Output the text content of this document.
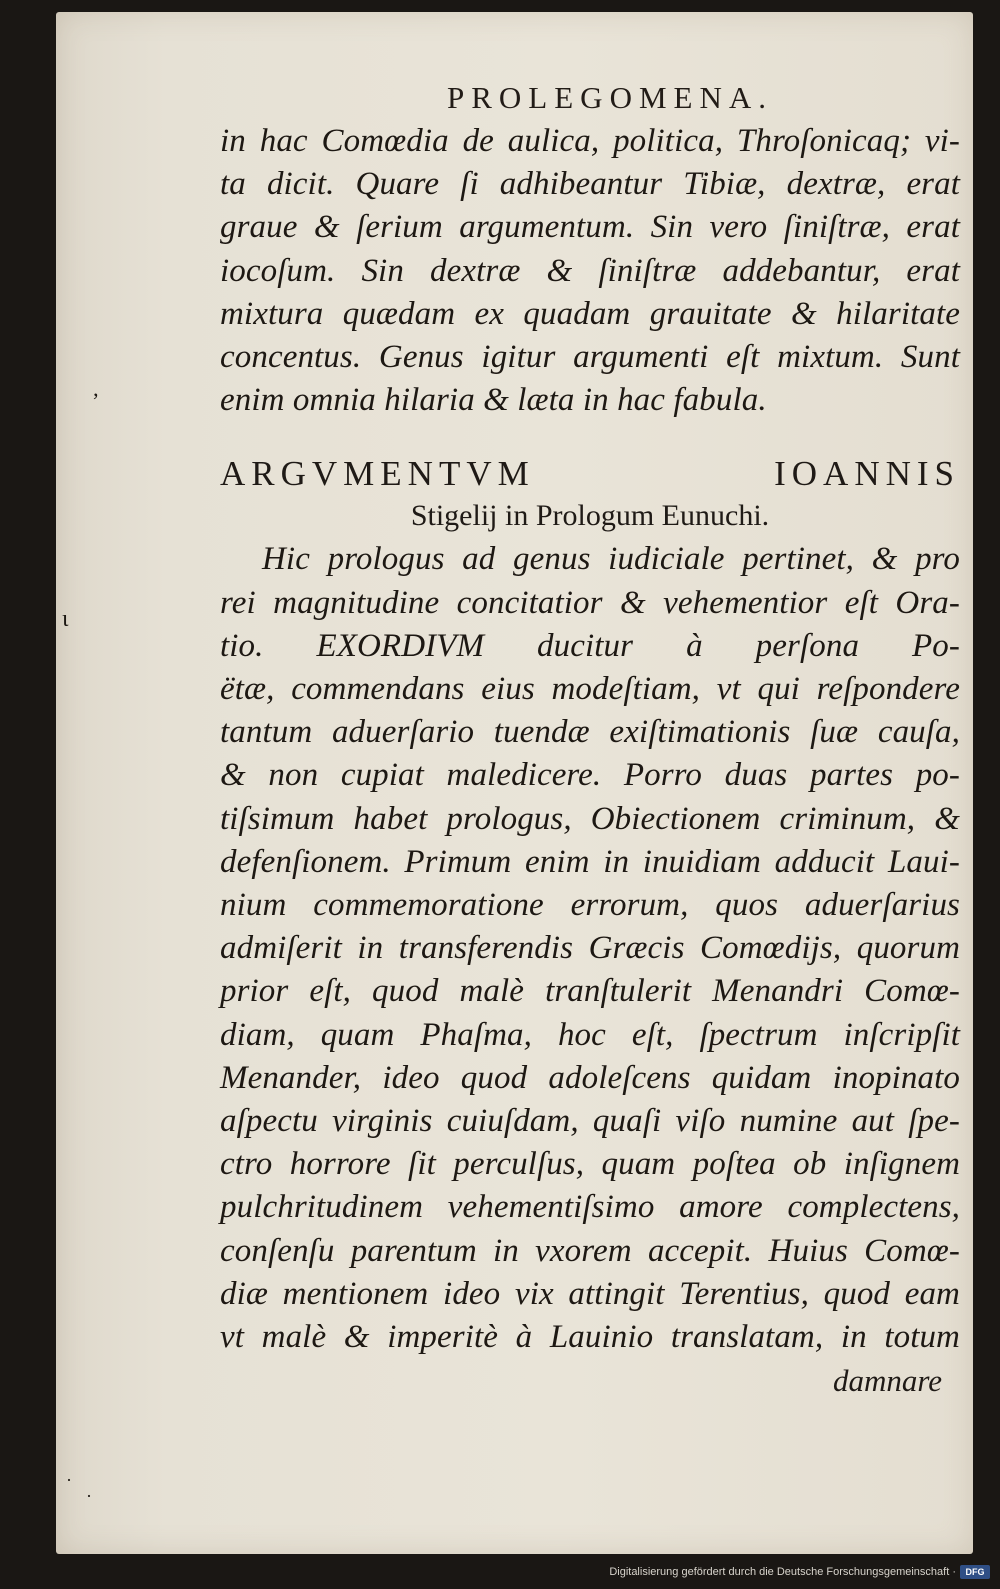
‚
ɩ
·
·
PROLEGOMENA.
in hac Comœdia de aulica, politica, Throſonicaq; vi-
ta dicit. Quare ſi adhibeantur Tibiæ, dextræ, erat
graue & ſerium argumentum. Sin vero ſiniſtræ, erat
iocoſum. Sin dextræ & ſiniſtræ addebantur, erat
mixtura quædam ex quadam grauitate & hilaritate
concentus. Genus igitur argumenti eſt mixtum. Sunt
enim omnia hilaria & læta in hac fabula.
ARGVMENTVM IOANNIS
Stigelij in Prologum Eunuchi.
Hic prologus ad genus iudiciale pertinet, & pro
rei magnitudine concitatior & vehementior eſt Ora-
tio. EXORDIVM ducitur à perſona Po-
ëtæ, commendans eius modeſtiam, vt qui reſpondere
tantum aduerſario tuendæ exiſtimationis ſuæ cauſa,
& non cupiat maledicere. Porro duas partes po-
tiſsimum habet prologus, Obiectionem criminum, &
defenſionem. Primum enim in inuidiam adducit Laui-
nium commemoratione errorum, quos aduerſarius
admiſerit in transferendis Græcis Comœdijs, quorum
prior eſt, quod malè tranſtulerit Menandri Comœ-
diam, quam Phaſma, hoc eſt, ſpectrum inſcripſit
Menander, ideo quod adoleſcens quidam inopinato
aſpectu virginis cuiuſdam, quaſi viſo numine aut ſpe-
ctro horrore ſit perculſus, quam poſtea ob inſignem
pulchritudinem vehementiſsimo amore complectens,
conſenſu parentum in vxorem accepit. Huius Comœ-
diæ mentionem ideo vix attingit Terentius, quod eam
vt malè & imperitè à Lauinio translatam, in totum
damnare
Digitalisierung gefördert durch die Deutsche Forschungsgemeinschaft ·	DFG
